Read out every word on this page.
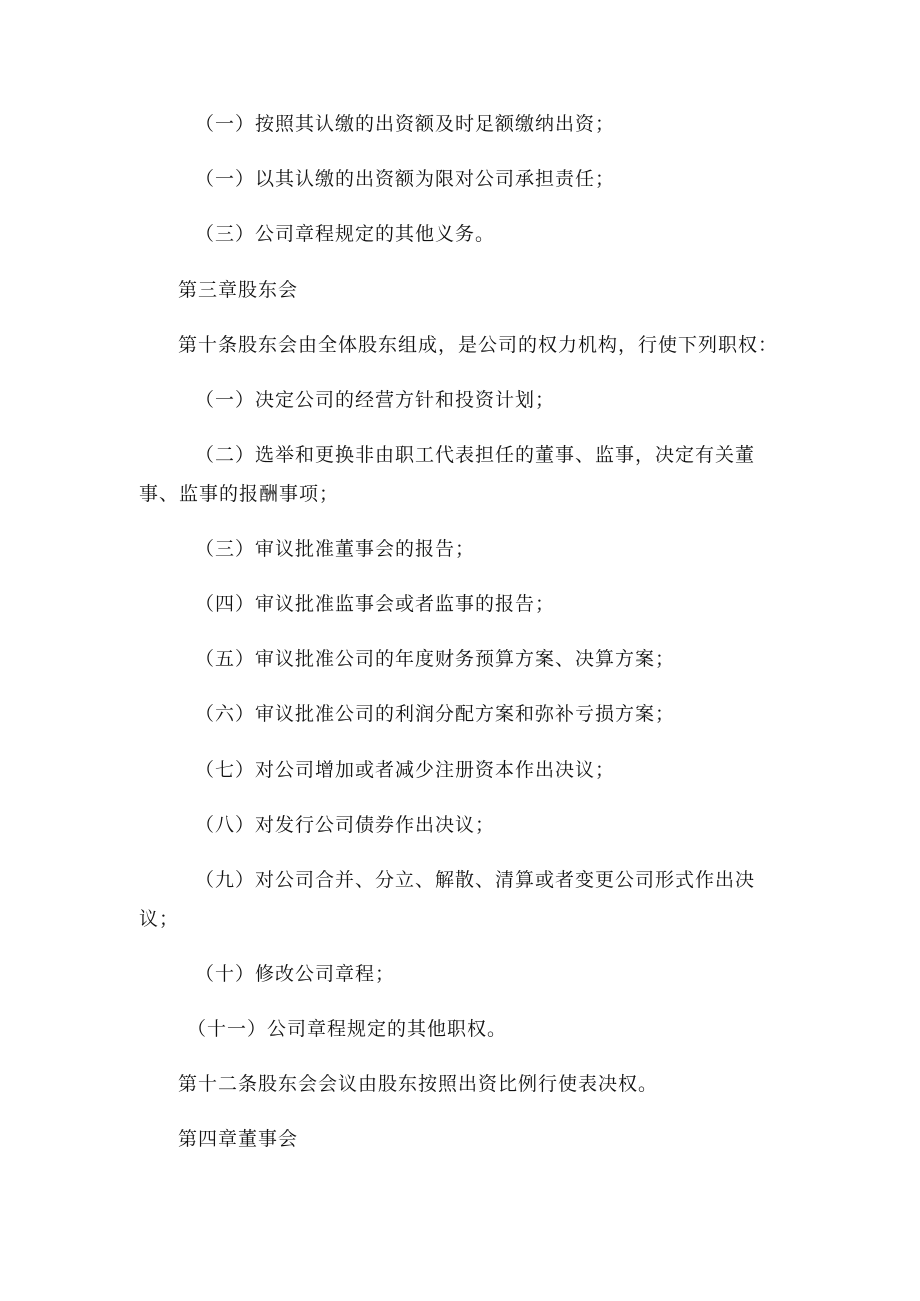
（一）按照其认缴的出资额及时足额缴纳出资；
（一）以其认缴的出资额为限对公司承担责任；
（三）公司章程规定的其他义务。
第三章股东会
第十条股东会由全体股东组成，是公司的权力机构，行使下列职权：
（一）决定公司的经营方针和投资计划；
（二）选举和更换非由职工代表担任的董事、监事，决定有关董
事、监事的报酬事项；
（三）审议批准董事会的报告；
（四）审议批准监事会或者监事的报告；
（五）审议批准公司的年度财务预算方案、决算方案；
（六）审议批准公司的利润分配方案和弥补亏损方案；
（七）对公司增加或者减少注册资本作出决议；
（八）对发行公司债券作出决议；
（九）对公司合并、分立、解散、清算或者变更公司形式作出决
议；
（十）修改公司章程；
（十一）公司章程规定的其他职权。
第十二条股东会会议由股东按照出资比例行使表决权。
第四章董事会
